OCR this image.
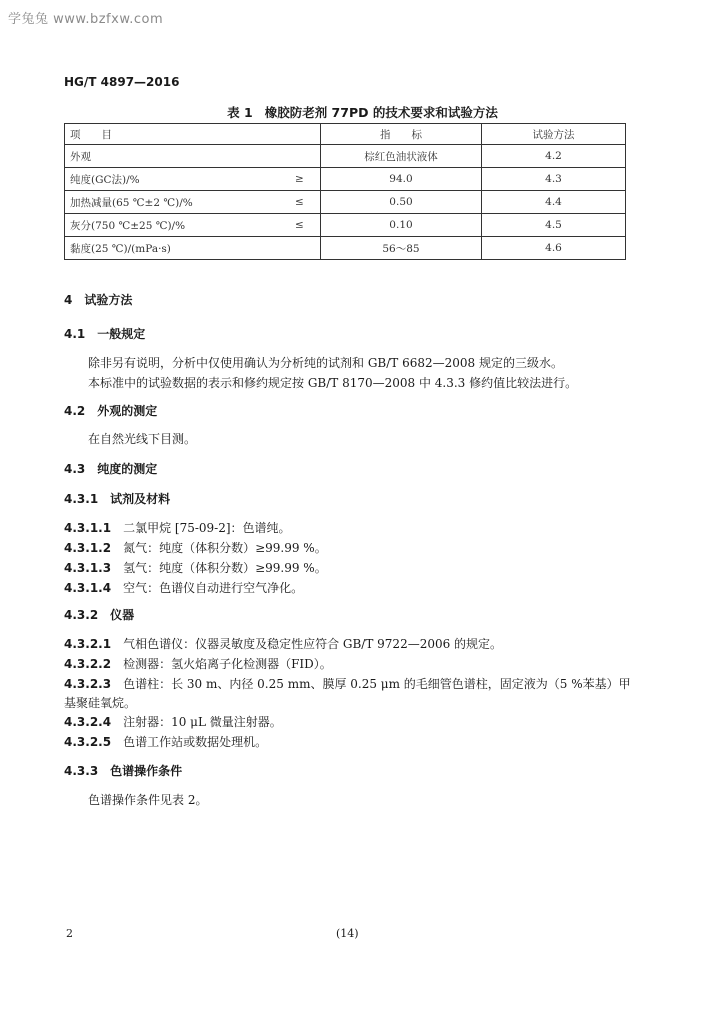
学兔兔 www.bzfxw.com
HG/T 4897—2016
表 1 橡胶防老剂 77PD 的技术要求和试验方法
项　　目		指　　标	试验方法
外观		棕红色油状液体	4.2
纯度(GC法)/%	≥	94.0	4.3
加热减量(65 ℃±2 ℃)/%	≤	0.50	4.4
灰分(750 ℃±25 ℃)/%	≤	0.10	4.5
黏度(25 ℃)/(mPa·s)		56～85	4.6
4 试验方法
4.1 一般规定
除非另有说明，分析中仅使用确认为分析纯的试剂和 GB/T 6682—2008 规定的三级水。
本标准中的试验数据的表示和修约规定按 GB/T 8170—2008 中 4.3.3 修约值比较法进行。
4.2 外观的测定
在自然光线下目测。
4.3 纯度的测定
4.3.1 试剂及材料
4.3.1.1 二氯甲烷 [75-09-2]：色谱纯。
4.3.1.2 氮气：纯度（体积分数）≥99.99 %。
4.3.1.3 氢气：纯度（体积分数）≥99.99 %。
4.3.1.4 空气：色谱仪自动进行空气净化。
4.3.2 仪器
4.3.2.1 气相色谱仪：仪器灵敏度及稳定性应符合 GB/T 9722—2006 的规定。
4.3.2.2 检测器：氢火焰离子化检测器（FID）。
4.3.2.3 色谱柱：长 30 m、内径 0.25 mm、膜厚 0.25 μm 的毛细管色谱柱，固定液为（5 %苯基）甲基聚硅氧烷。
4.3.2.4 注射器：10 μL 微量注射器。
4.3.2.5 色谱工作站或数据处理机。
4.3.3 色谱操作条件
色谱操作条件见表 2。
2	(14)
